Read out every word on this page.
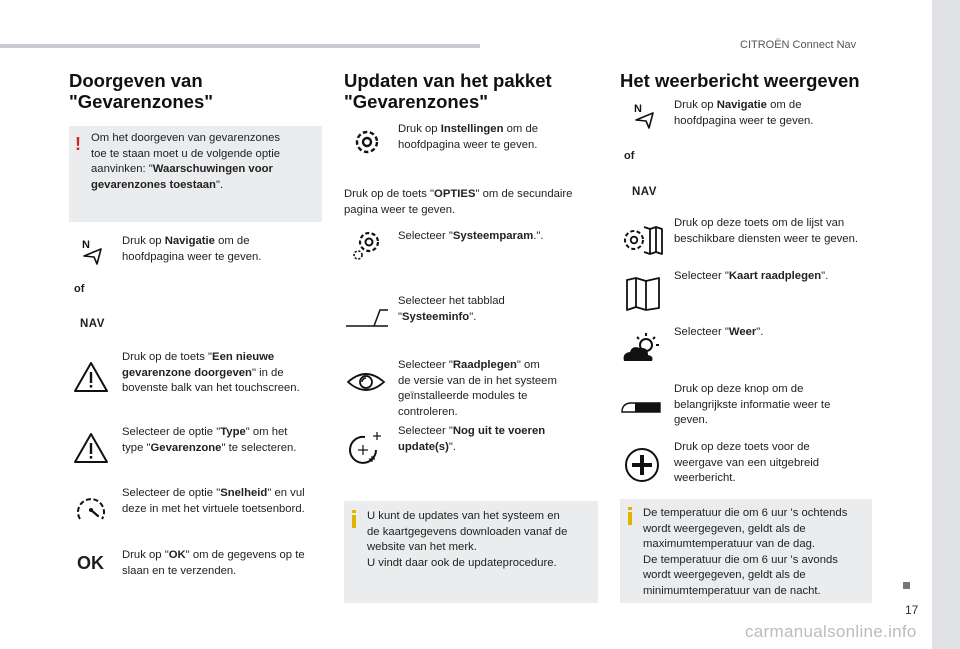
CITROËN Connect Nav
17
Doorgeven van
"Gevarenzones"
! Om het doorgeven van gevarenzones
toe te staan moet u de volgende optie
aanvinken: "Waarschuwingen voor
gevarenzones toestaan".
N	Druk op Navigatie om de
hoofdpagina weer te geven.
of
NAV
Druk op de toets "Een nieuwe
gevarenzone doorgeven" in de
bovenste balk van het touchscreen.
Selecteer de optie "Type" om het
type "Gevarenzone" te selecteren.
Selecteer de optie "Snelheid" en vul
deze in met het virtuele toetsenbord.
OK Druk op "OK" om de gegevens op te
slaan en te verzenden.
Updaten van het pakket
"Gevarenzones"
Druk op Instellingen om de
hoofdpagina weer te geven.
Druk op de toets "OPTIES" om de secundaire
pagina weer te geven.
Selecteer "Systeemparam.".
Selecteer het tabblad
"Systeeminfo".
Selecteer "Raadplegen" om
de versie van de in het systeem
geïnstalleerde modules te
controleren.
Selecteer "Nog uit te voeren
update(s)".
U kunt de updates van het systeem en
de kaartgegevens downloaden vanaf de
website van het merk.
U vindt daar ook de updateprocedure.
Het weerbericht weergeven
N	Druk op Navigatie om de
hoofdpagina weer te geven.
of
NAV
Druk op deze toets om de lijst van
beschikbare diensten weer te geven.
Selecteer "Kaart raadplegen".
Selecteer "Weer".
Druk op deze knop om de
belangrijkste informatie weer te
geven.
Druk op deze toets voor de
weergave van een uitgebreid
weerbericht.
De temperatuur die om 6 uur 's ochtends
wordt weergegeven, geldt als de
maximumtemperatuur van de dag.
De temperatuur die om 6 uur 's avonds
wordt weergegeven, geldt als de
minimumtemperatuur van de nacht.
carmanualsonline.info
